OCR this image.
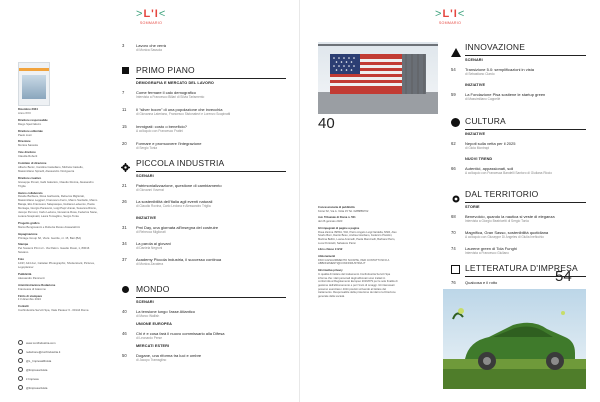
>L'I<
SOMMARIO
Dicembre 2024
Anno XXII
Direttore responsabile
Diego Spezzaferro
Direttore editoriale
Paolo Liuni
Direzione
Monica Sassola
Vice direttore
Claudia Roberti
Comitato di direzione
Alberto Benic, Carolina Castellano, Michela Castello, Massimiliano Spinelli, Alessandro Vinciguerra
Direttore creativo
Giuseppe Poneti, Gabi Galanics, Claudio Rovina, Alessandro Triglia
Hanno collaborato
Davide Barbiera, Rosa Garbarola, Rebecca Migliorati, Massimiliano Leggieri, Francesco Ferro, Marco Sordiello, Marco Baraja, Elio Francesco Salepasqua, Giuliana Ledeonio, Paola Montaga, Giorgio Paraversi, Luigi Papi Uranai, Susanna Riccio, Jacopo Pernoni, Carlo Ledona, Giovanna Rosa, Federica Siano, Luiana Scapinatti, Laura Tomaglino, Sergio Tonia
Progetto grafico
Marco Bongiovanni e Roberta Russo Arasacabrini
Impaginazione
Printage Group Srl, Via E. Gentile, nr. 15, Bari (BA)
Stampa
Pet Sostemi Print srl - Via Palom. Gaudio Rossi, 1, 80016 Naviano
Foto
123rf, A24 doc, Cattelan Photographic, Shutterstock, Pictures, Logoplanner
Pubblicità
Alessandro Panicucci
Amministrazione Redazione
Francesca di Giacomo
Finito di stampare
il 3 dicembre 2024
Contatti
Confindustria Servizi Spa, Viale Pasteur 6 - 00144 Roma
www.confindustria.com
redazione@confindustria.it
@L_ImpresaRivista
@limpresarivista
L'Impresa
@limpresarivista
3	Lavoro che verrà
di Monica Sassola
PRIMO PIANO
DEMOGRAFIA E MERCATO DEL LAVORO
PICCOLA INDUSTRIA
SCENARI
INIZIATIVE
MONDO
SCENARI
UNIONE EUROPEA
MERCATI ESTERI
7	Come fermare il calo demografico
Intervista a Francesco Billari di Silvia Tarismento
11	Il "silver boom" di una popolazione che invecchia
di Giovanna Lateriano, Francesco Sistonatevi e Lorenzo Scapinatti
15	Immigrati: costo o beneficio?
A colloquio con Francesco Fratini
20	Formare e promuovere l'integrazione
di Sergio Tonia
21	Patrimonializzazione, questione di cambiamento
di Giovanni Vuvenzi
26	La sostenibilità dell'Italia agli eventi naturali
di Claudio Rovina, Carlo Ledona e Alessandro Triglia
31	Pmi Day, una giornata all'insegna del costruire
di Rebecca Migliorati
34	La parola ai giovani
di Daniela Negroni
37	Academy Piccola Industria, il successo continua
di Monica Zavatera
40	La tensione lungo l'asse Atlantico
di Marco Wallish
46	Chi è e cosa farà il nuovo commissario alla Difesa
di Leonardo Perse
50	Dogane, una riforma tra luci e ombre
di Jacopo Tramaglino
>L'I<
SOMMARIO
40
Concessionaria di pubblicità
Koinè Srl, Via A. Volta 15 Tel. 0288889702
Aut. Tribunale di Roma n. 501
del 26 gennaio 2023
Gli impegnati di pagine a pagine
Rosa Zanina ISPRA, 502, Pietro Angelo Luigi Nardella, MSR, Alex Scarlo Boni, Danilo Boso, Andrea Giordano, Federico Pistolini, Martina Bellini, Luana Antonelli, Paola Mancinelli, Barbara Pierio, Luca Ponticelli, Salvatore Parisi
Libro chiuso il 3/12
Abbonamenti
FINO A ESAURIMENTO SCORTE, PER CONTATTI INFO A ABBONAMENTI@CONFINDUSTRIA.IT
Informativa privacy
In qualità di titolare del trattamento Confindustria Servizi Spa informa che i dati personali degli abbonati sono trattati in conformità al Regolamento Europeo 2016/679 per le sole finalità di gestione dell'abbonamento e per l'invio di omaggi. Gli interessati possono esercitare i diritti previsti scrivendo al titolare del trattamento. Responsabile della protezione dei dati è la Direzione generale della società.
54
INNOVAZIONE
SCENARI
INIZIATIVE
CULTURA
INIZIATIVE
NUOVI TREND
DAL TERRITORIO
STORIE
LETTERATURA D'IMPRESA
54	Transizione 5.0: semplificazioni in vista
di Sebastiano Ciardo
59	La Fondazione Pisa sostiene le startup green
di Massimiliano Cappellé
62	Nepoti sulla vetta per il 2025
di Gioia Montrapi
66	Autentici, appassionati, soli
A colloquio con Francesca Bandelli Santoro di Giuliana Riccio
68	Benevolcio, quando la nautica si veste di eleganza
Intervista a Giorgio Beatricetti di Sergio Tonia
70	Magnifica, Gran Sasso, sostenibilità quotidiana
A colloquio con Giuseppe Di Angeles di Giulia Ineficchio
74	Laurene green di Tola Funghi
Intervista a Francesco Giullano
76	Qualcosa e il rotto
